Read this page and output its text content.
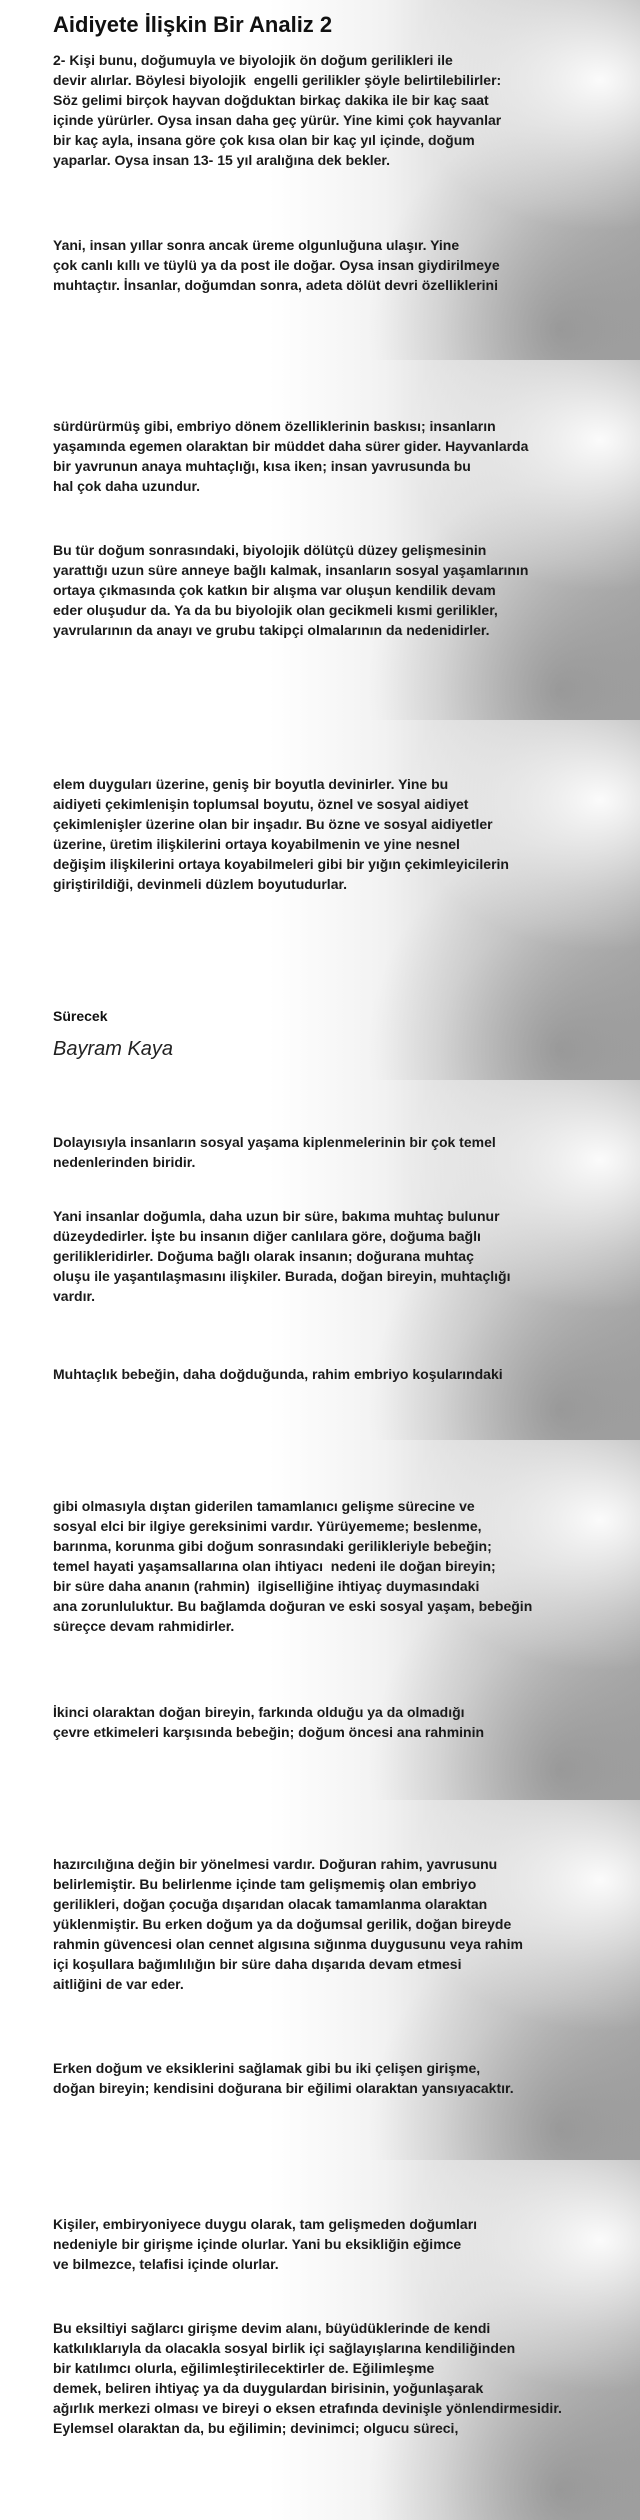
Aidiyete İlişkin Bir Analiz 2

2- Kişi bunu, doğumuyla ve biyolojik ön doğum gerilikleri ile
devir alırlar. Böylesi biyolojik  engelli gerilikler şöyle belirtilebilirler:
Söz gelimi birçok hayvan doğduktan birkaç dakika ile bir kaç saat
içinde yürürler. Oysa insan daha geç yürür. Yine kimi çok hayvanlar
bir kaç ayla, insana göre çok kısa olan bir kaç yıl içinde, doğum
yaparlar. Oysa insan 13- 15 yıl aralığına dek bekler.

Yani, insan yıllar sonra ancak üreme olgunluğuna ulaşır. Yine
çok canlı kıllı ve tüylü ya da post ile doğar. Oysa insan giydirilmeye
muhtaçtır. İnsanlar, doğumdan sonra, adeta dölüt devri özelliklerini

sürdürürmüş gibi, embriyo dönem özelliklerinin baskısı; insanların
yaşamında egemen olaraktan bir müddet daha sürer gider. Hayvanlarda
bir yavrunun anaya muhtaçlığı, kısa iken; insan yavrusunda bu
hal çok daha uzundur.

Bu tür doğum sonrasındaki, biyolojik dölütçü düzey gelişmesinin
yarattığı uzun süre anneye bağlı kalmak, insanların sosyal yaşamlarının
ortaya çıkmasında çok katkın bir alışma var oluşun kendilik devam
eder oluşudur da. Ya da bu biyolojik olan gecikmeli kısmi gerilikler,
yavrularının da anayı ve grubu takipçi olmalarının da nedenidirler.

elem duyguları üzerine, geniş bir boyutla devinirler. Yine bu
aidiyeti çekimlenişin toplumsal boyutu, öznel ve sosyal aidiyet
çekimlenişler üzerine olan bir inşadır. Bu özne ve sosyal aidiyetler
üzerine, üretim ilişkilerini ortaya koyabilmenin ve yine nesnel
değişim ilişkilerini ortaya koyabilmeleri gibi bir yığın çekimleyicilerin
giriştirildiği, devinmeli düzlem boyutudurlar.

Sürecek

Bayram Kaya

Dolayısıyla insanların sosyal yaşama kiplenmelerinin bir çok temel
nedenlerinden biridir.

Yani insanlar doğumla, daha uzun bir süre, bakıma muhtaç bulunur
düzeydedirler. İşte bu insanın diğer canlılara göre, doğuma bağlı
gerilikleridirler. Doğuma bağlı olarak insanın; doğurana muhtaç
oluşu ile yaşantılaşmasını ilişkiler. Burada, doğan bireyin, muhtaçlığı
vardır.

Muhtaçlık bebeğin, daha doğduğunda, rahim embriyo koşularındaki

gibi olmasıyla dıştan giderilen tamamlanıcı gelişme sürecine ve
sosyal elci bir ilgiye gereksinimi vardır. Yürüyememe; beslenme,
barınma, korunma gibi doğum sonrasındaki gerilikleriyle bebeğin;
temel hayati yaşamsallarına olan ihtiyacı  nedeni ile doğan bireyin;
bir süre daha ananın (rahmin)  ilgiselliğine ihtiyaç duymasındaki
ana zorunluluktur. Bu bağlamda doğuran ve eski sosyal yaşam, bebeğin
süreçce devam rahmidirler.

İkinci olaraktan doğan bireyin, farkında olduğu ya da olmadığı
çevre etkimeleri karşısında bebeğin; doğum öncesi ana rahminin

hazırcılığına değin bir yönelmesi vardır. Doğuran rahim, yavrusunu
belirlemiştir. Bu belirlenme içinde tam gelişmemiş olan embriyo
gerilikleri, doğan çocuğa dışarıdan olacak tamamlanma olaraktan
yüklenmiştir. Bu erken doğum ya da doğumsal gerilik, doğan bireyde
rahmin güvencesi olan cennet algısına sığınma duygusunu veya rahim
içi koşullara bağımlılığın bir süre daha dışarıda devam etmesi
aitliğini de var eder.

Erken doğum ve eksiklerini sağlamak gibi bu iki çelişen girişme,
doğan bireyin; kendisini doğurana bir eğilimi olaraktan yansıyacaktır.

Kişiler, embiryoniyece duygu olarak, tam gelişmeden doğumları
nedeniyle bir girişme içinde olurlar. Yani bu eksikliğin eğimce
ve bilmezce, telafisi içinde olurlar.

Bu eksiltiyi sağlarcı girişme devim alanı, büyüdüklerinde de kendi
katkılıklarıyla da olacakla sosyal birlik içi sağlayışlarına kendiliğinden
bir katılımcı olurla, eğilimleştirilecektirler de. Eğilimleşme
demek, beliren ihtiyaç ya da duygulardan birisinin, yoğunlaşarak
ağırlık merkezi olması ve bireyi o eksen etrafında devinişle yönlendirmesidir.
Eylemsel olaraktan da, bu eğilimin; devinimci; olgucu süreci,
